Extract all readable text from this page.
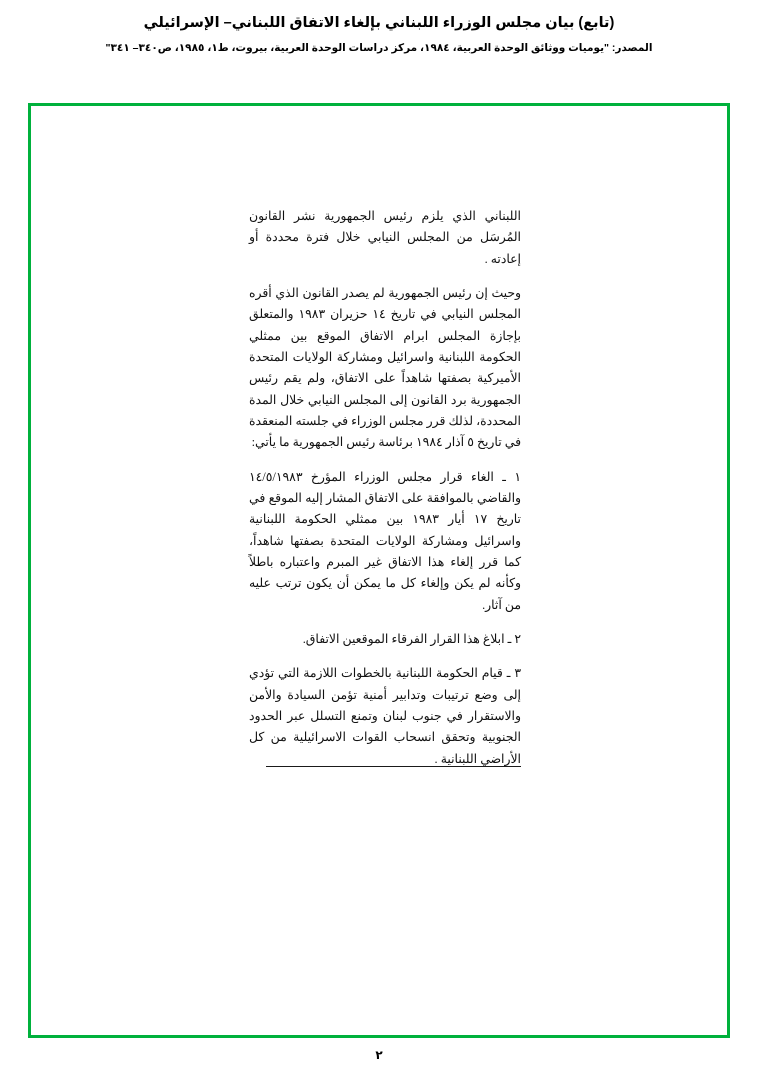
(تابع) بيان مجلس الوزراء اللبناني بإلغاء الاتفاق اللبناني– الإسرائيلي
المصدر: "يوميات ووثائق الوحدة العربية، ١٩٨٤، مركز دراسات الوحدة العربية، بيروت، ط١، ١٩٨٥، ص٣٤٠– ٣٤١"

اللبناني الذي يلزم رئيس الجمهورية نشر القانون المُرسَل من المجلس النيابي خلال فترة محددة أو إعادته .

وحيث إن رئيس الجمهورية لم يصدر القانون الذي أقره المجلس النيابي في تاريخ ١٤ حزيران ١٩٨٣ والمتعلق بإجازة المجلس ابرام الاتفاق الموقع بين ممثلي الحكومة اللبنانية واسرائيل ومشاركة الولايات المتحدة الأميركية بصفتها شاهداً على الاتفاق، ولم يقم رئيس الجمهورية برد القانون إلى المجلس النيابي خلال المدة المحددة، لذلك قرر مجلس الوزراء في جلسته المنعقدة في تاريخ ٥ آذار ١٩٨٤ برئاسة رئيس الجمهورية ما يأتي:

١ ـ الغاء قرار مجلس الوزراء المؤرخ ١٤/٥/١٩٨٣ والقاضي بالموافقة على الاتفاق المشار إليه الموقع في تاريخ ١٧ أيار ١٩٨٣ بين ممثلي الحكومة اللبنانية واسرائيل ومشاركة الولايات المتحدة بصفتها شاهداً، كما قرر إلغاء هذا الاتفاق غير المبرم واعتباره باطلاً وكأنه لم يكن وإلغاء كل ما يمكن أن يكون ترتب عليه من آثار.

٢ ـ ابلاغ هذا القرار الفرقاء الموقعين الاتفاق.

٣ ـ قيام الحكومة اللبنانية بالخطوات اللازمة التي تؤدي إلى وضع ترتيبات وتدابير أمنية تؤمن السيادة والأمن والاستقرار في جنوب لبنان وتمنع التسلل عبر الحدود الجنوبية وتحقق انسحاب القوات الاسرائيلية من كل الأراضي اللبنانية .

٢
